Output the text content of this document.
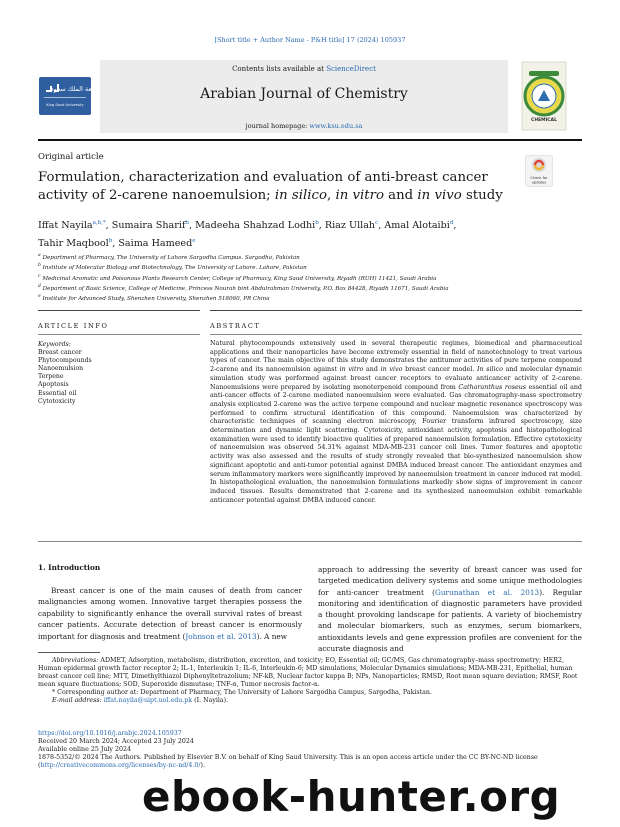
[Short title + Author Name - P&H title] 17 (2024) 105937
Contents lists available at ScienceDirect
Arabian Journal of Chemistry
journal homepage: www.ksu.edu.sa
جامعة الملك سعود
King Saud University
CHEMICAL
Original article
Formulation, characterization and evaluation of anti-breast cancer activity of 2-carene nanoemulsion; in silico, in vitro and in vivo study
Check for
updates
Iffat Nayila$^{a,b,*}$, Sumaira Sharif$^b$, Madeeha Shahzad Lodhi$^b$, Riaz Ullah$^c$, Amal Alotaibi$^d$,
Tahir Maqbool$^b$, Saima Hameed$^e$
$^a$ Department of Pharmacy, The University of Lahore Sargodha Campus. Sargodha, Pakistan
$^b$ Institute of Molecular Biology and Biotechnology, The University of Lahore. Lahore, Pakistan
$^c$ Medicinal Aromatic and Poisonous Plants Research Center, College of Pharmacy, King Saud University, Riyadh (RUH) 11421, Saudi Arabia
$^d$ Department of Basic Science, College of Medicine, Princess Nourah bint Abdulrahman University, P.O. Box 84428, Riyadh 11671, Saudi Arabia
$^e$ Institute for Advanced Study, Shenzhen University, Shenzhen 518060, PR China
ARTICLE INFO	ABSTRACT
Keywords:
Breast cancer
Phytocompounds
Nanoemulsion
Terpene
Apoptosis
Essential oil
Cytotoxicity
Natural phytocompounds extensively used in several therapeutic regimes, biomedical and pharmaceutical applications and their nanoparticles have become extremely essential in field of nanotechnology to treat various types of cancer. The main objective of this study demonstrates the antitumor activities of pure terpene compound 2-carene and its nanoemulsion against in vitro and in vivo breast cancer model. In silico and molecular dynamic simulation study was performed against breast cancer receptors to evaluate anticancer activity of 2-carene. Nanoemulsions were prepared by isolating monoterpenoid compound from Catharanthus roseus essential oil and anti-cancer effects of 2-carene mediated nanoemulsion were evaluated. Gas chromatography-mass spectrometry analysis explicated 2-carene was the active terpene compound and nuclear magnetic resonance spectroscopy was performed to confirm structural identification of this compound. Nanoemulsion was characterized by characteristic techniques of scanning electron microscopy, Fourier transform infrared spectroscopy, size determination and dynamic light scattering. Cytotoxicity, antioxidant activity, apoptosis and histopathological examination were used to identify bioactive qualities of prepared nanoemulsion formulation. Effective cytotoxicity of nanoemulsion was observed 54.31% against MDA-MB-231 cancer cell lines. Tumor features and apoptotic activity was also assessed and the results of study strongly revealed that bio-synthesized nanoemulsion show significant apoptotic and anti-tumor potential against DMBA induced breast cancer. The antioxidant enzymes and serum inflammatory markers were significantly improved by nanoemulsion treatment in cancer induced rat model. In histopathological evaluation, the nanoemulsion formulations markedly show signs of improvement in cancer induced tissues. Results demonstrated that 2-carene and its synthesized nanoemulsion exhibit remarkable anticancer potential against DMBA induced cancer.
1. Introduction
Breast cancer is one of the main causes of death from cancer malignancies among women. Innovative target therapies possess the capability to significantly enhance the overall survival rates of breast cancer patients. Accurate detection of breast cancer is enormously important for diagnosis and treatment (Johnson et al. 2013). A new
approach to addressing the severity of breast cancer was used for targeted medication delivery systems and some unique methodologies for anti-cancer treatment (Gurunathan et al. 2013). Regular monitoring and identification of diagnostic parameters have provided a thought provoking landscape for patients. A variety of biochemistry and molecular biomarkers, such as enzymes, serum biomarkers, antioxidants levels and gene expression profiles are convenient for the accurate diagnosis and

Abbreviations: ADMET, Adsorption, metabolism, distribution, excretion, and toxicity; EO, Essential oil; GC/MS, Gas chromatography–mass spectrometry; HER2, Human epidermal growth factor receptor 2; IL-1, Interleukin 1; IL-6, Interleukin-6; MD simulations, Molecular Dynamics simulations; MDA-MB-231, Epithelial, human breast cancer cell line; MTT, Dimethylthiazol Diphenyltetrazolium; NF-kB, Nuclear factor kappa B; NPs, Nanoparticles; RMSD, Root mean square deviation; RMSF, Root mean square fluctuations; SOD, Superoxide dismutase; TNF-α, Tumor necrosis factor-α.

* Corresponding author at: Department of Pharmacy, The University of Lahore Sargodha Campus, Sargodha, Pakistan.

E-mail address: iffat.nayila@uipt.uol.edu.pk (I. Nayila).

https://doi.org/10.1016/j.arabjc.2024.105937
Received 20 March 2024; Accepted 23 July 2024
Available online 25 July 2024
1878-5352/© 2024 The Authors. Published by Elsevier B.V. on behalf of King Saud University. This is an open access article under the CC BY-NC-ND license (http://creativecommons.org/licenses/by-nc-nd/4.0/).
ebook-hunter.org
